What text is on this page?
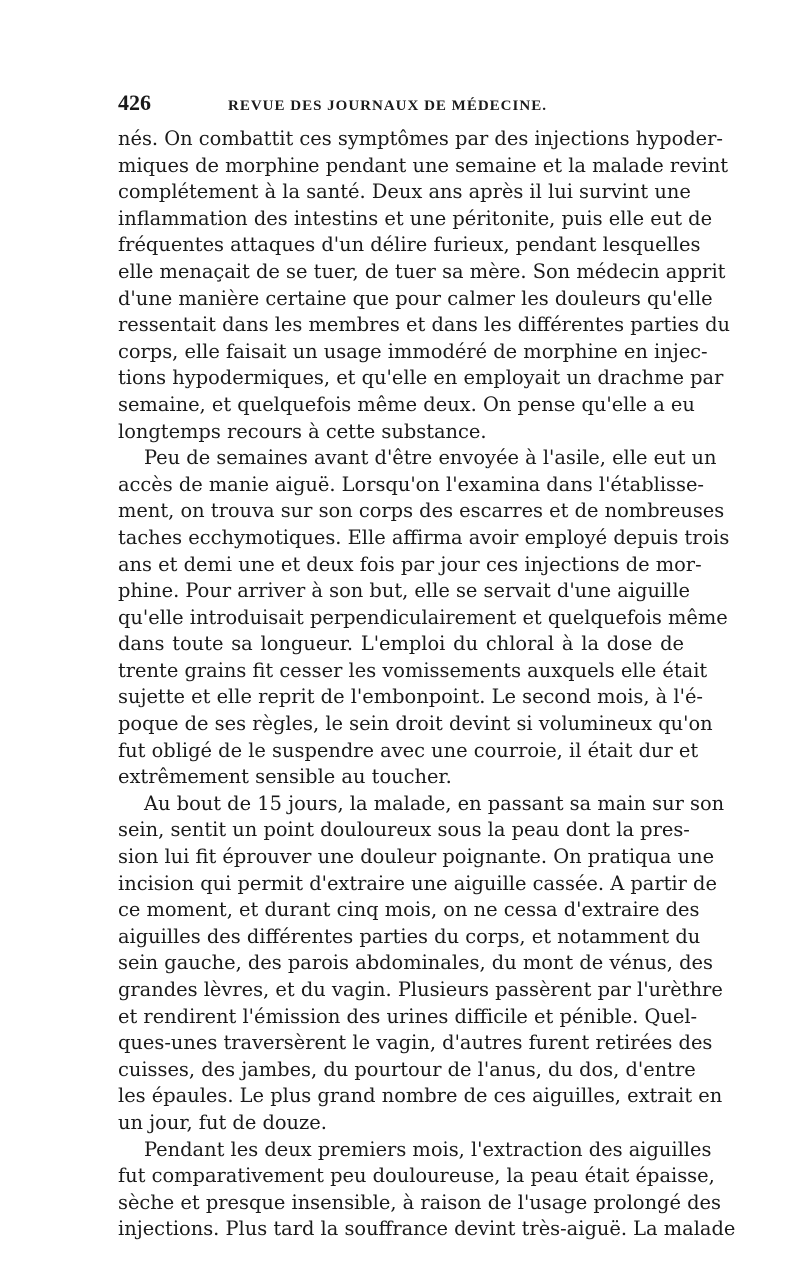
426	REVUE DES JOURNAUX DE MÉDECINE.
nés. On combattit ces symptômes par des injections hypoder-
miques de morphine pendant une semaine et la malade revint
complétement à la santé. Deux ans après il lui survint une
inflammation des intestins et une péritonite, puis elle eut de
fréquentes attaques d'un délire furieux, pendant lesquelles
elle menaçait de se tuer, de tuer sa mère. Son médecin apprit
d'une manière certaine que pour calmer les douleurs qu'elle
ressentait dans les membres et dans les différentes parties du
corps, elle faisait un usage immodéré de morphine en injec-
tions hypodermiques, et qu'elle en employait un drachme par
semaine, et quelquefois même deux. On pense qu'elle a eu
longtemps recours à cette substance.
Peu de semaines avant d'être envoyée à l'asile, elle eut un
accès de manie aiguë. Lorsqu'on l'examina dans l'établisse-
ment, on trouva sur son corps des escarres et de nombreuses
taches ecchymotiques. Elle affirma avoir employé depuis trois
ans et demi une et deux fois par jour ces injections de mor-
phine. Pour arriver à son but, elle se servait d'une aiguille
qu'elle introduisait perpendiculairement et quelquefois même
dans toute sa longueur. L'emploi du chloral à la dose de
trente grains fit cesser les vomissements auxquels elle était
sujette et elle reprit de l'embonpoint. Le second mois, à l'é-
poque de ses règles, le sein droit devint si volumineux qu'on
fut obligé de le suspendre avec une courroie, il était dur et
extrêmement sensible au toucher.
Au bout de 15 jours, la malade, en passant sa main sur son
sein, sentit un point douloureux sous la peau dont la pres-
sion lui fit éprouver une douleur poignante. On pratiqua une
incision qui permit d'extraire une aiguille cassée. A partir de
ce moment, et durant cinq mois, on ne cessa d'extraire des
aiguilles des différentes parties du corps, et notamment du
sein gauche, des parois abdominales, du mont de vénus, des
grandes lèvres, et du vagin. Plusieurs passèrent par l'urèthre
et rendirent l'émission des urines difficile et pénible. Quel-
ques-unes traversèrent le vagin, d'autres furent retirées des
cuisses, des jambes, du pourtour de l'anus, du dos, d'entre
les épaules. Le plus grand nombre de ces aiguilles, extrait en
un jour, fut de douze.
Pendant les deux premiers mois, l'extraction des aiguilles
fut comparativement peu douloureuse, la peau était épaisse,
sèche et presque insensible, à raison de l'usage prolongé des
injections. Plus tard la souffrance devint très-aiguë. La malade
